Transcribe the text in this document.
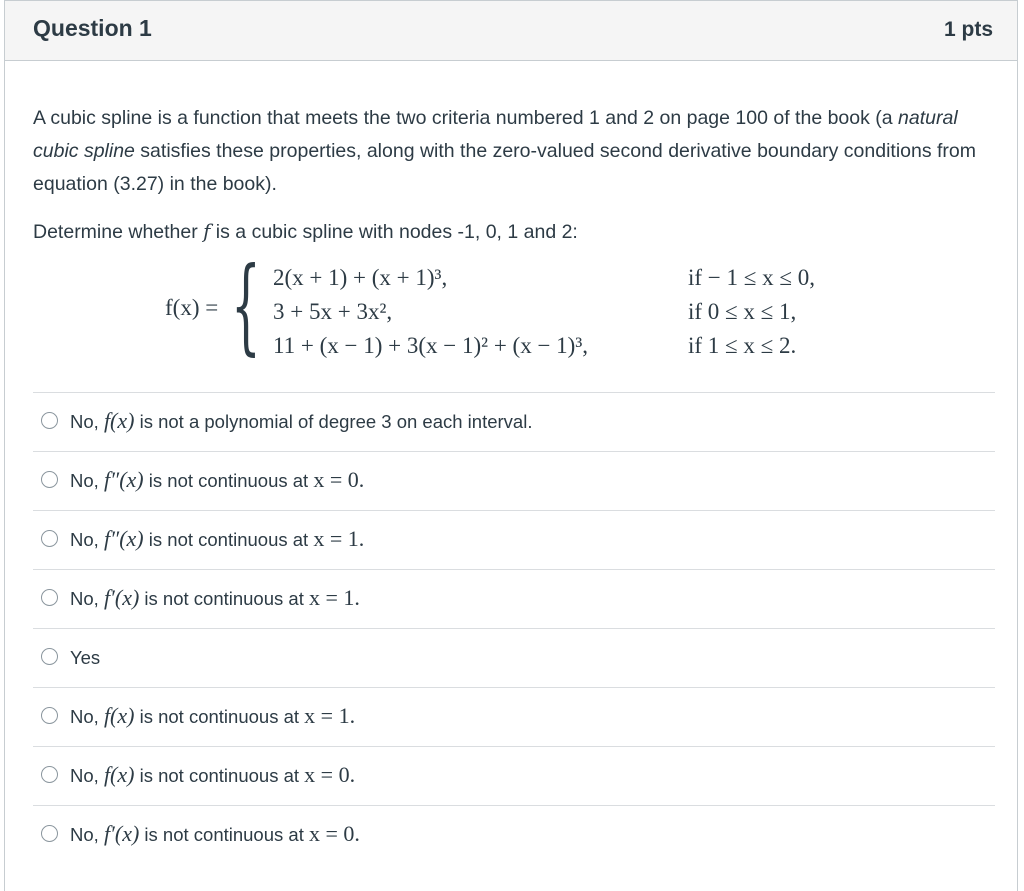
Question 1	1 pts

A cubic spline is a function that meets the two criteria numbered 1 and 2 on page 100 of the book (a natural cubic spline satisfies these properties, along with the zero-valued second derivative boundary conditions from equation (3.27) in the book).

Determine whether f is a cubic spline with nodes -1, 0, 1 and 2:

f(x) = { 2(x + 1) + (x + 1)³,	if − 1 ≤ x ≤ 0,
3 + 5x + 3x²,	if 0 ≤ x ≤ 1,
11 + (x − 1) + 3(x − 1)² + (x − 1)³,	if 1 ≤ x ≤ 2.
No, f(x) is not a polynomial of degree 3 on each interval.
No, f″(x) is not continuous at x = 0.
No, f″(x) is not continuous at x = 1.
No, f′(x) is not continuous at x = 1.
Yes
No, f(x) is not continuous at x = 1.
No, f(x) is not continuous at x = 0.
No, f′(x) is not continuous at x = 0.
